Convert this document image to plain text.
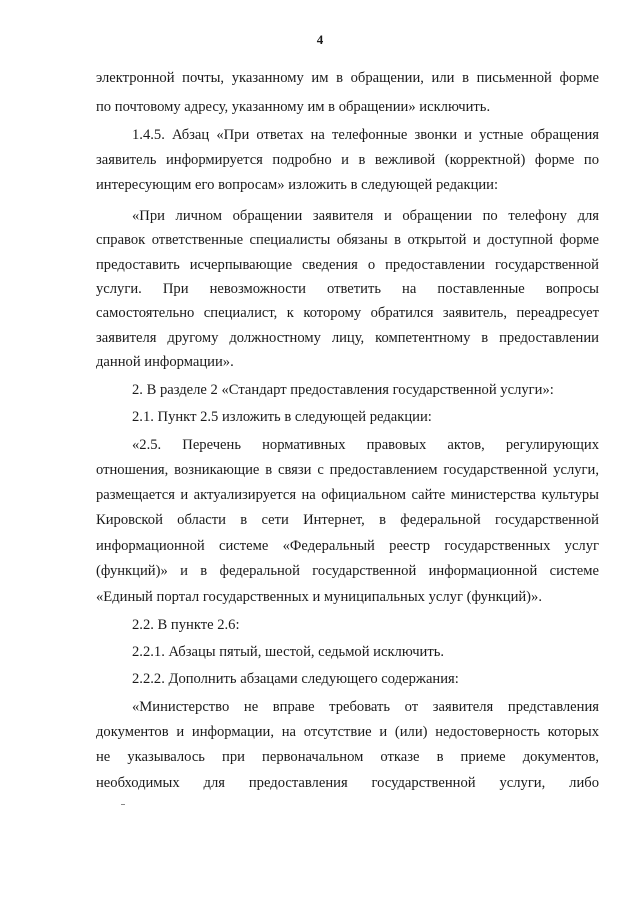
4
электронной почты, указанному им в обращении, или в письменной форме
по почтовому адресу, указанному им в обращении» исключить.
1.4.5. Абзац «При ответах на телефонные звонки и устные обращения
заявитель информируется подробно и в вежливой (корректной) форме по
интересующим его вопросам» изложить в следующей редакции:
«При личном обращении заявителя и обращении по телефону для
справок ответственные специалисты обязаны в открытой и доступной форме
предоставить исчерпывающие сведения о предоставлении государственной
услуги. При невозможности ответить на поставленные вопросы
самостоятельно специалист, к которому обратился заявитель, переадресует
заявителя другому должностному лицу, компетентному в предоставлении
данной информации».
2. В разделе 2 «Стандарт предоставления государственной услуги»:
2.1. Пункт 2.5 изложить в следующей редакции:
«2.5. Перечень нормативных правовых актов, регулирующих
отношения, возникающие в связи с предоставлением государственной услуги,
размещается и актуализируется на официальном сайте министерства культуры
Кировской области в сети Интернет, в федеральной государственной
информационной системе «Федеральный реестр государственных услуг
(функций)» и в федеральной государственной информационной системе
«Единый портал государственных и муниципальных услуг (функций)».
2.2. В пункте 2.6:
2.2.1. Абзацы пятый, шестой, седьмой исключить.
2.2.2. Дополнить абзацами следующего содержания:
«Министерство не вправе требовать от заявителя представления
документов и информации, на отсутствие и (или) недостоверность которых
не указывалось при первоначальном отказе в приеме документов,
необходимых для предоставления государственной услуги, либо
